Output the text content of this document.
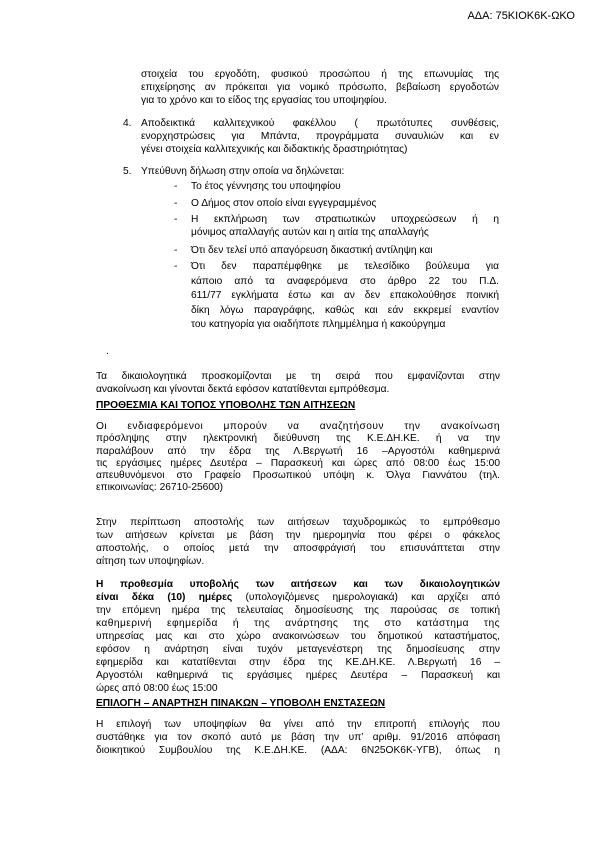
ΑΔΑ: 75ΚΙΟΚ6Κ-ΩΚΟ

στοιχεία του εργοδότη, φυσικού προσώπου ή της επωνυμίας της

επιχείρησης αν πρόκειται για νομικό πρόσωπο, βεβαίωση εργοδοτών

για το χρόνο και το είδος της εργασίας του υποψηφίου.

4. Αποδεικτικά καλλιτεχνικού φακέλλου ( πρωτότυπες συνθέσεις,

ενορχηστρώσεις για Μπάντα, προγράμματα συναυλιών και εν

γένει στοιχεία καλλιτεχνικής και διδακτικής δραστηριότητας)

5. Υπεύθυνη δήλωση στην οποία να δηλώνεται:

-	Το έτος γέννησης του υποψηφίου

-	Ο Δήμος στον οποίο είναι εγγεγραμμένος

-	Η εκπλήρωση των στρατιωτικών υποχρεώσεων ή η

μόνιμος απαλλαγής αυτών και η αιτία της απαλλαγής

-	Ότι δεν τελεί υπό απαγόρευση δικαστική αντίληψη και

-	Ότι δεν παραπέμφθηκε με τελεσίδικο βούλευμα για

κάποιο από τα αναφερόμενα στο άρθρο 22 του Π.Δ.

611/77 εγκλήματα έστω και αν δεν επακολούθησε ποινική

δίκη λόγω παραγράφης, καθώς και εάν εκκρεμεί εναντίον

του κατηγορία για οιαδήποτε πλημμέλημα ή κακούργημα

.

Τα δικαιολογητικά προσκομίζονται με τη σειρά που εμφανίζονται στην

ανακοίνωση και γίνονται δεκτά εφόσον κατατίθενται εμπρόθεσμα.

ΠΡΟΘΕΣΜΙΑ ΚΑΙ ΤΟΠΟΣ ΥΠΟΒΟΛΗΣ ΤΩΝ ΑΙΤΗΣΕΩΝ

Οι ενδιαφερόμενοι μπορούν να αναζητήσουν την ανακοίνωση

πρόσληψης στην ηλεκτρονική διεύθυνση της Κ.Ε.ΔΗ.ΚΕ. ή να την

παραλάβουν από την έδρα της Λ.Βεργωτή 16 –Αργοστόλι καθημερινά

τις εργάσιμες ημέρες Δευτέρα – Παρασκευή και ώρες από 08:00 έως 15:00

απευθυνόμενοι στο Γραφείο Προσωπικού υπόψη κ. Όλγα Γιαννάτου (τηλ.

επικοινωνίας: 26710-25600)

Στην περίπτωση αποστολής των αιτήσεων ταχυδρομικώς το εμπρόθεσμο

των αιτήσεων κρίνεται με βάση την ημερομηνία που φέρει ο φάκελος

αποστολής, ο οποίος μετά την αποσφράγισή του επισυνάπτεται στην

αίτηση των υποψηφίων.

Η προθεσμία υποβολής των αιτήσεων και των δικαιολογητικών

είναι δέκα (10) ημέρες (υπολογιζόμενες ημερολογιακά) και αρχίζει από

την επόμενη ημέρα της τελευταίας δημοσίευσης της παρούσας σε τοπική

καθημερινή εφημερίδα ή της ανάρτησης της στο κατάστημα της

υπηρεσίας μας και στο χώρο ανακοινώσεων του δημοτικού καταστήματος,

εφόσον η ανάρτηση είναι τυχόν μεταγενέστερη της δημοσίευσης στην

εφημερίδα και κατατίθενται στην έδρα της ΚΕ.ΔΗ.ΚΕ. Λ.Βεργωτή 16 –

Αργοστόλι καθημερινά τις εργάσιμες ημέρες Δευτέρα – Παρασκευή και

ώρες από 08:00 έως 15:00

ΕΠΙΛΟΓΗ – ΑΝΑΡΤΗΣΗ ΠΙΝΑΚΩΝ – ΥΠΟΒΟΛΗ ΕΝΣΤΑΣΕΩΝ

Η επιλογή των υποψηφίων θα γίνει από την επιτροπή επιλογής που

συστάθηκε για τον σκοπό αυτό με βάση την υπ’ αριθμ. 91/2016 απόφαση

διοικητικού Συμβουλίου της Κ.Ε.ΔΗ.ΚΕ. (ΑΔΑ: 6Ν25ΟΚ6Κ-ΥΓΒ), όπως η
